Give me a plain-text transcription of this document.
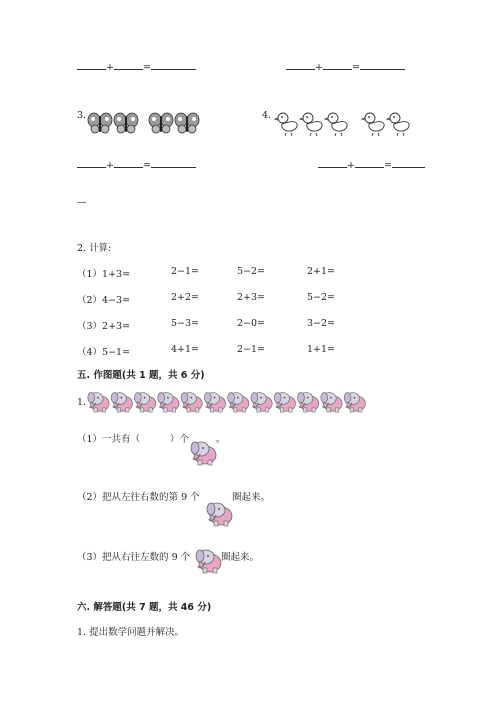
+	=	+	=
3.	4.
+	=	+	=
—
2. 计算:
（1）1+3=	2−1=	5−2=	2+1=
（2）4−3=	2+2=	2+3=	5−2=
（3）2+3=	5−3=	2−0=	3−2=
（4）5−1=	4+1=	2−1=	1+1=
五. 作图题(共 1 题，共 6 分)
1.
（1）一共有（	）个	。
（2）把从左往右数的第 9 个	圈起来。
（3）把从右往左数的 9 个	圈起来。
六. 解答题(共 7 题，共 46 分)
1. 提出数学问题并解决。
